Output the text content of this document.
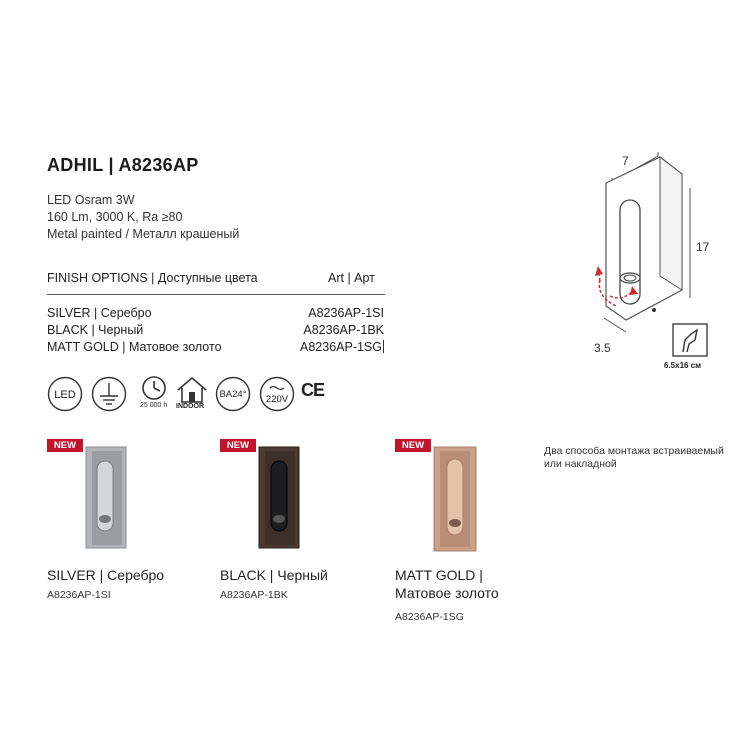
ADHIL | A8236AP
LED Osram 3W
160 Lm, 3000 K, Ra ≥80
Metal painted / Металл крашеный
FINISH OPTIONS | Доступные цвета	Art | Арт
SILVER | Серебро	A8236AP-1SI
BLACK | Черный	A8236AP-1BK
MATT GOLD | Матовое золото	A8236AP-1SG
LED
25 000 h INDOOR
BA24° 220V CE
7
17
3.5
6.5x16 см
Два способа монтажа встраиваемый или накладной
NEW
SILVER | Серебро
A8236AP-1SI
NEW
BLACK | Черный
A8236AP-1BK
NEW
MATT GOLD |
Матовое золото
A8236AP-1SG
